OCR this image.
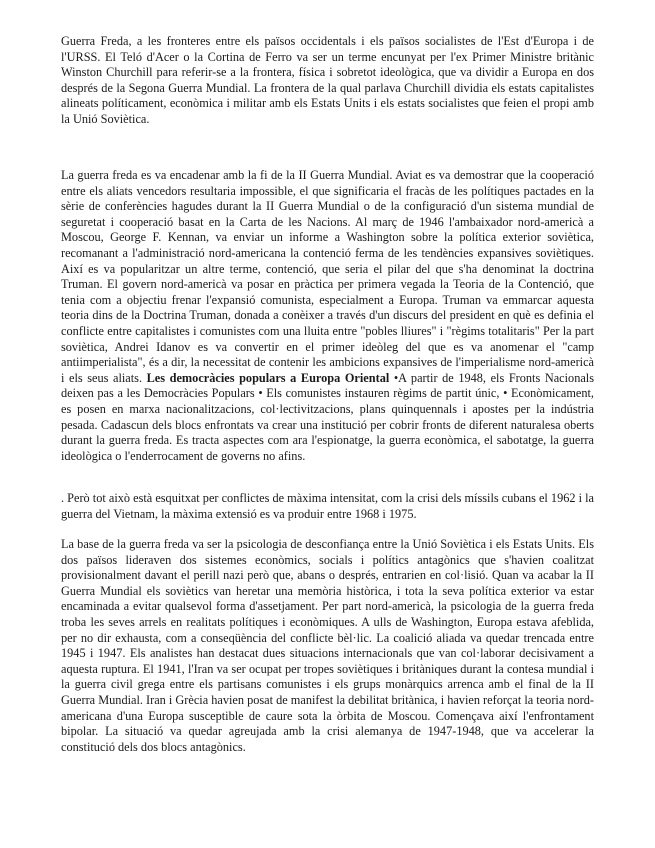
Guerra Freda, a les fronteres entre els països occidentals i els països socialistes de l'Est d'Europa i de l'URSS. El Teló d'Acer o la Cortina de Ferro va ser un terme encunyat per l'ex Primer Ministre britànic Winston Churchill para referir-se a la frontera, física i sobretot ideològica, que va dividir a Europa en dos després de la Segona Guerra Mundial. La frontera de la qual parlava Churchill dividia els estats capitalistes alineats políticament, econòmica i militar amb els Estats Units i els estats socialistes que feien el propi amb la Unió Soviètica.

La guerra freda es va encadenar amb la fi de la II Guerra Mundial. Aviat es va demostrar que la cooperació entre els aliats vencedors resultaria impossible, el que significaria el fracàs de les polítiques pactades en la sèrie de conferències hagudes durant la II Guerra Mundial o de la configuració d'un sistema mundial de seguretat i cooperació basat en la Carta de les Nacions. Al març de 1946 l'ambaixador nord-americà a Moscou, George F. Kennan, va enviar un informe a Washington sobre la política exterior soviètica, recomanant a l'administració nord-americana la contenció ferma de les tendències expansives soviètiques. Així es va popularitzar un altre terme, contenció, que seria el pilar del que s'ha denominat la doctrina Truman. El govern nord-americà va posar en pràctica per primera vegada la Teoria de la Contenció, que tenia com a objectiu frenar l'expansió comunista, especialment a Europa. Truman va emmarcar aquesta teoria dins de la Doctrina Truman, donada a conèixer a través d'un discurs del president en què es definia el conflicte entre capitalistes i comunistes com una lluita entre "pobles lliures" i "règims totalitaris" Per la part soviètica, Andrei Idanov es va convertir en el primer ideòleg del que es va anomenar el "camp antiimperialista", és a dir, la necessitat de contenir les ambicions expansives de l'imperialisme nord-americà i els seus aliats. Les democràcies populars a Europa Oriental •A partir de 1948, els Fronts Nacionals deixen pas a les Democràcies Populars • Els comunistes instauren règims de partit únic, • Econòmicament, es posen en marxa nacionalitzacions, col·lectivitzacions, plans quinquennals i apostes per la indústria pesada. Cadascun dels blocs enfrontats va crear una institució per cobrir fronts de diferent naturalesa oberts durant la guerra freda. Es tracta aspectes com ara l'espionatge, la guerra econòmica, el sabotatge, la guerra ideològica o l'enderrocament de governs no afins.

. Però tot això està esquitxat per conflictes de màxima intensitat, com la crisi dels míssils cubans el 1962 i la guerra del Vietnam, la màxima extensió es va produir entre 1968 i 1975.

La base de la guerra freda va ser la psicologia de desconfiança entre la Unió Soviètica i els Estats Units. Els dos països lideraven dos sistemes econòmics, socials i polítics antagònics que s'havien coalitzat provisionalment davant el perill nazi però que, abans o després, entrarien en col·lisió. Quan va acabar la II Guerra Mundial els soviètics van heretar una memòria històrica, i tota la seva política exterior va estar encaminada a evitar qualsevol forma d'assetjament. Per part nord-americà, la psicologia de la guerra freda troba les seves arrels en realitats polítiques i econòmiques. A ulls de Washington, Europa estava afeblida, per no dir exhausta, com a conseqüència del conflicte bèl·lic. La coalició aliada va quedar trencada entre 1945 i 1947. Els analistes han destacat dues situacions internacionals que van col·laborar decisivament a aquesta ruptura. El 1941, l'Iran va ser ocupat per tropes soviètiques i britàniques durant la contesa mundial i la guerra civil grega entre els partisans comunistes i els grups monàrquics arrenca amb el final de la II Guerra Mundial. Iran i Grècia havien posat de manifest la debilitat britànica, i havien reforçat la teoria nord-americana d'una Europa susceptible de caure sota la òrbita de Moscou. Començava així l'enfrontament bipolar. La situació va quedar agreujada amb la crisi alemanya de 1947-1948, que va accelerar la constitució dels dos blocs antagònics.
